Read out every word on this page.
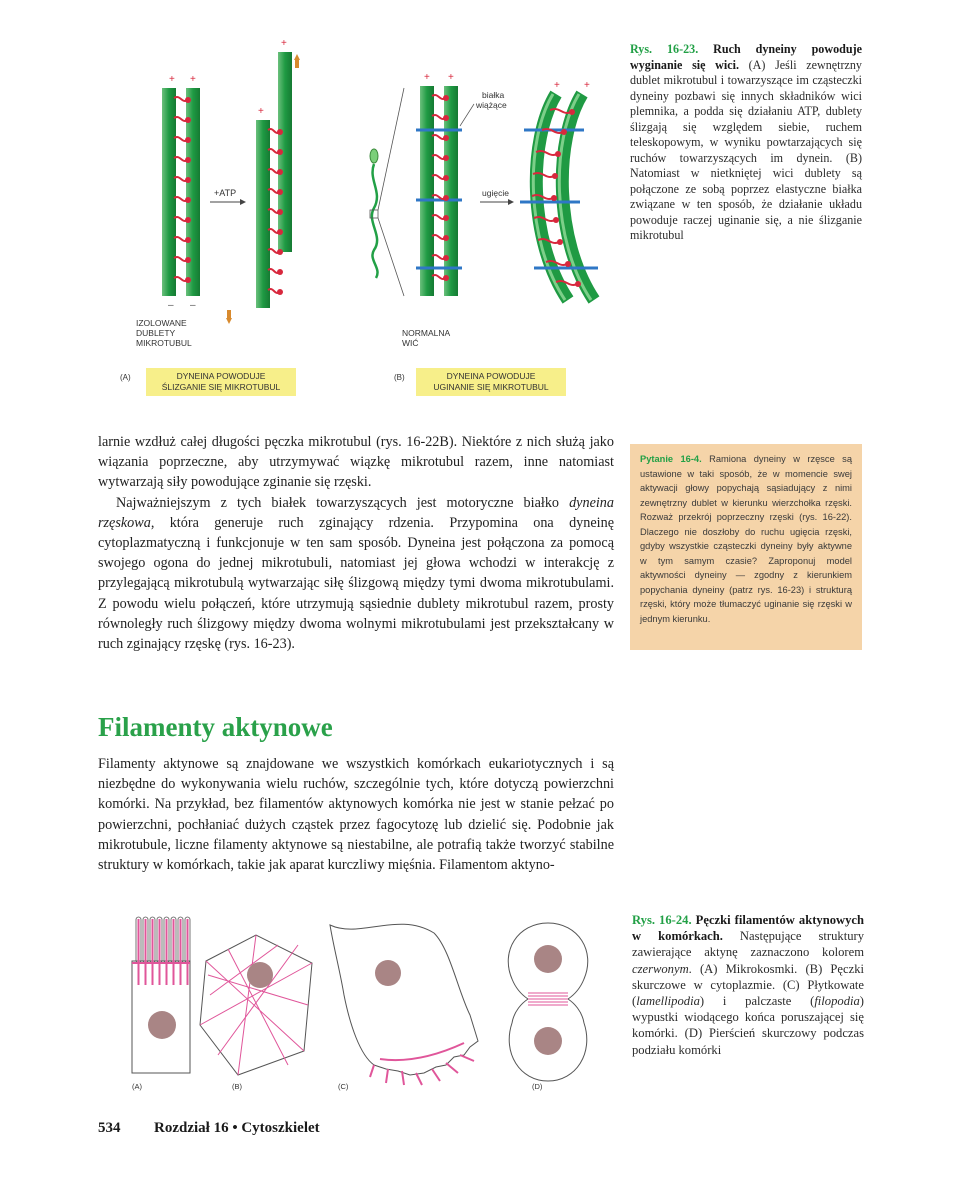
+ +
– –
+ATP
+
+
IZOLOWANE DUBLETY MIKROTUBUL
+ +
białka wiążące
ugięcie
+ +
NORMALNA WIĆ
(A)	(B)
DYNEINA POWODUJE
ŚLIZGANIE SIĘ MIKROTUBUL
DYNEINA POWODUJE
UGINANIE SIĘ MIKROTUBUL
Rys. 16-23. Ruch dyneiny powoduje wyginanie się wici. (A) Jeśli zewnętrzny dublet mikrotubul i towarzyszące im cząsteczki dyneiny pozbawi się innych składników wici plemnika, a podda się działaniu ATP, dublety ślizgają się względem siebie, ruchem teleskopowym, w wyniku powtarzających się ruchów towarzyszących im dynein. (B) Natomiast w nietkniętej wici dublety są połączone ze sobą poprzez elastyczne białka związane w ten sposób, że działanie układu powoduje raczej uginanie się, a nie ślizganie mikrotubul

larnie wzdłuż całej długości pęczka mikrotubul (rys. 16-22B). Niektóre z nich służą jako wiązania poprzeczne, aby utrzymywać wiązkę mikrotubul razem, inne natomiast wytwarzają siły powodujące zginanie się rzęski.

Najważniejszym z tych białek towarzyszących jest motoryczne białko dyneina rzęskowa, która generuje ruch zginający rdzenia. Przypomina ona dyneinę cytoplazmatyczną i funkcjonuje w ten sam sposób. Dyneina jest połączona za pomocą swojego ogona do jednej mikrotubuli, natomiast jej głowa wchodzi w interakcję z przylegającą mikrotubulą wytwarzając siłę ślizgową między tymi dwoma mikrotubulami. Z powodu wielu połączeń, które utrzymują sąsiednie dublety mikrotubul razem, prosty równoległy ruch ślizgowy między dwoma wolnymi mikrotubulami jest przekształcany w ruch zginający rzęskę (rys. 16-23).

Pytanie 16-4. Ramiona dyneiny w rzęsce są ustawione w taki sposób, że w momencie swej aktywacji głowy popychają sąsiadujący z nimi zewnętrzny dublet w kierunku wierzchołka rzęski. Rozważ przekrój poprzeczny rzęski (rys. 16-22). Dlaczego nie doszłoby do ruchu ugięcia rzęski, gdyby wszystkie cząsteczki dyneiny były aktywne w tym samym czasie? Zaproponuj model aktywności dyneiny — zgodny z kierunkiem popychania dyneiny (patrz rys. 16-23) i strukturą rzęski, który może tłumaczyć uginanie się rzęski w jednym kierunku.
Filamenty aktynowe

Filamenty aktynowe są znajdowane we wszystkich komórkach eukariotycznych i są niezbędne do wykonywania wielu ruchów, szczególnie tych, które dotyczą powierzchni komórki. Na przykład, bez filamentów aktynowych komórka nie jest w stanie pełzać po powierzchni, pochłaniać dużych cząstek przez fagocytozę lub dzielić się. Podobnie jak mikrotubule, liczne filamenty aktynowe są niestabilne, ale potrafią także tworzyć stabilne struktury w komórkach, takie jak aparat kurczliwy mięśnia. Filamentom aktyno-

(A)	(B)	(C)	(D)
Rys. 16-24. Pęczki filamentów aktynowych w komórkach. Następujące struktury zawierające aktynę zaznaczono kolorem czerwonym. (A) Mikrokosmki. (B) Pęczki skurczowe w cytoplazmie. (C) Płytkowate (lamellipodia) i palczaste (filopodia) wypustki wiodącego końca poruszającej się komórki. (D) Pierścień skurczowy podczas podziału komórki
534 Rozdział 16 • Cytoszkielet
